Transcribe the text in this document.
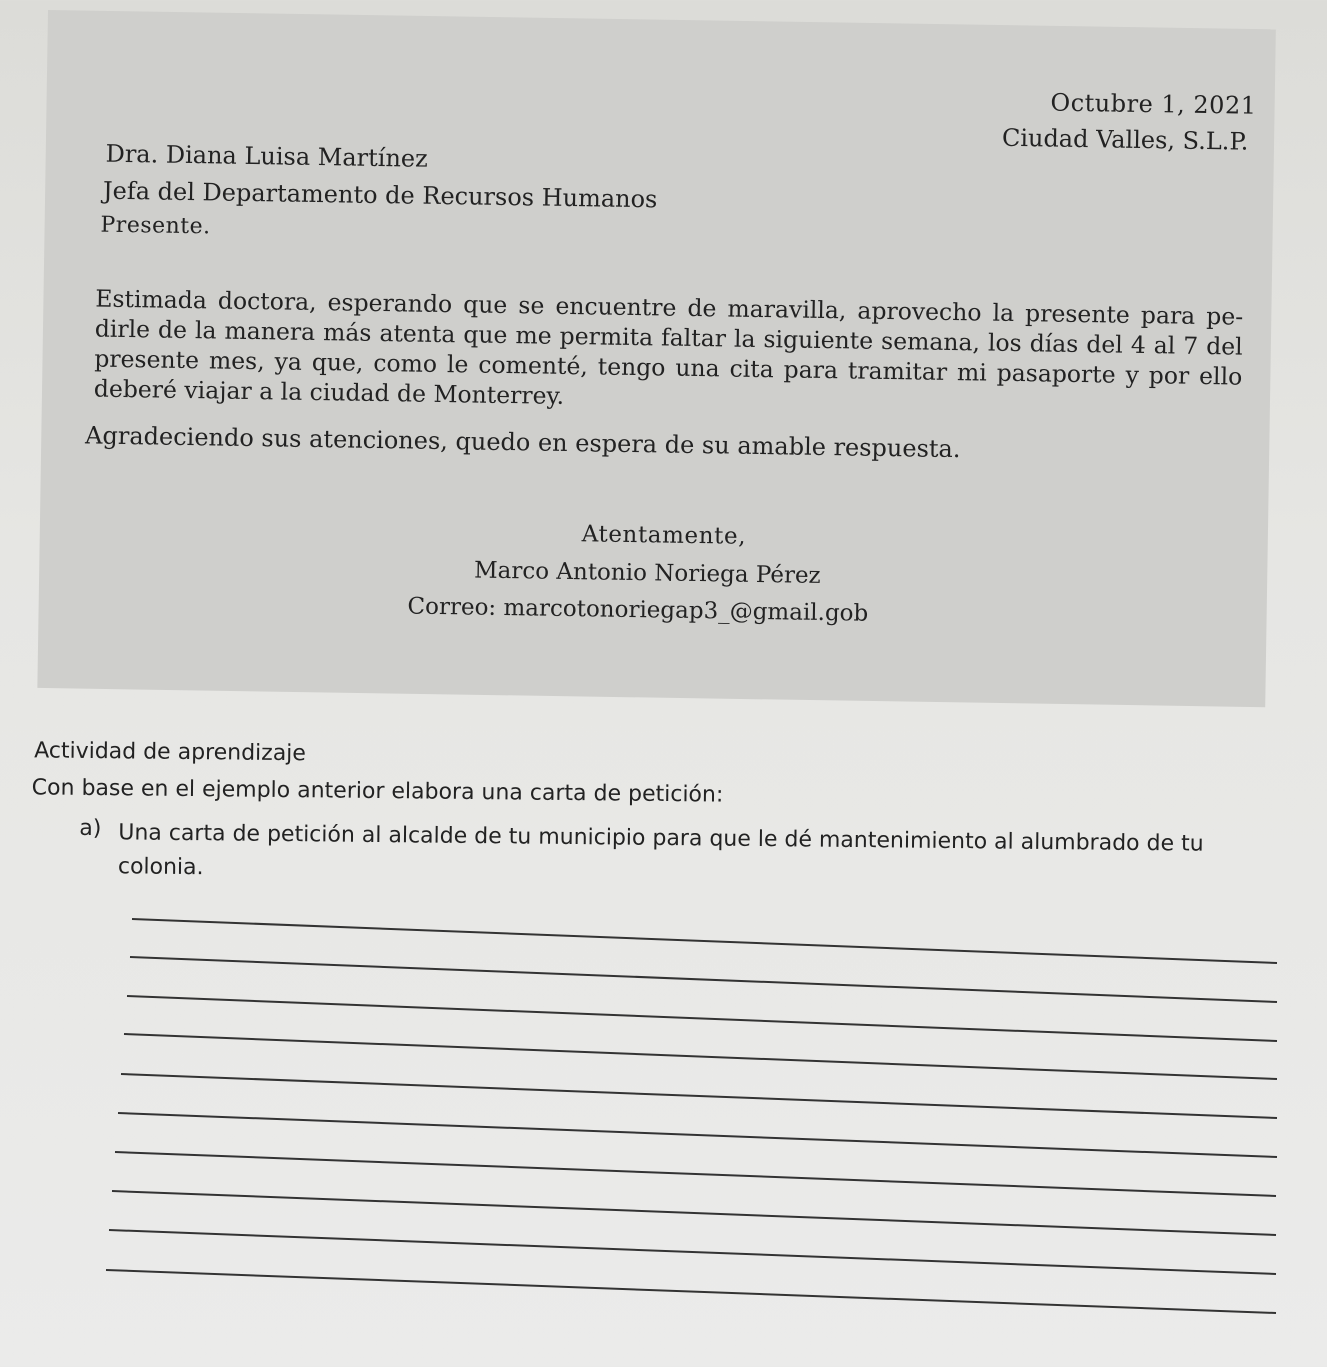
Octubre 1, 2021
Ciudad Valles, S.L.P.
Dra. Diana Luisa Martínez
Jefa del Departamento de Recursos Humanos
Presente.

Estimada doctora, esperando que se encuentre de maravilla, aprovecho la presente para pe-dirle de la manera más atenta que me permita faltar la siguiente semana, los días del 4 al 7 del presente mes, ya que, como le comenté, tengo una cita para tramitar mi pasaporte y por ello deberé viajar a la ciudad de Monterrey.

Agradeciendo sus atenciones, quedo en espera de su amable respuesta.
Atentamente,
Marco Antonio Noriega Pérez
Correo: marcotonoriegap3_@gmail.gob
Actividad de aprendizaje
Con base en el ejemplo anterior elabora una carta de petición:
a) Una carta de petición al alcalde de tu municipio para que le dé mantenimiento al alumbrado de tu colonia.
